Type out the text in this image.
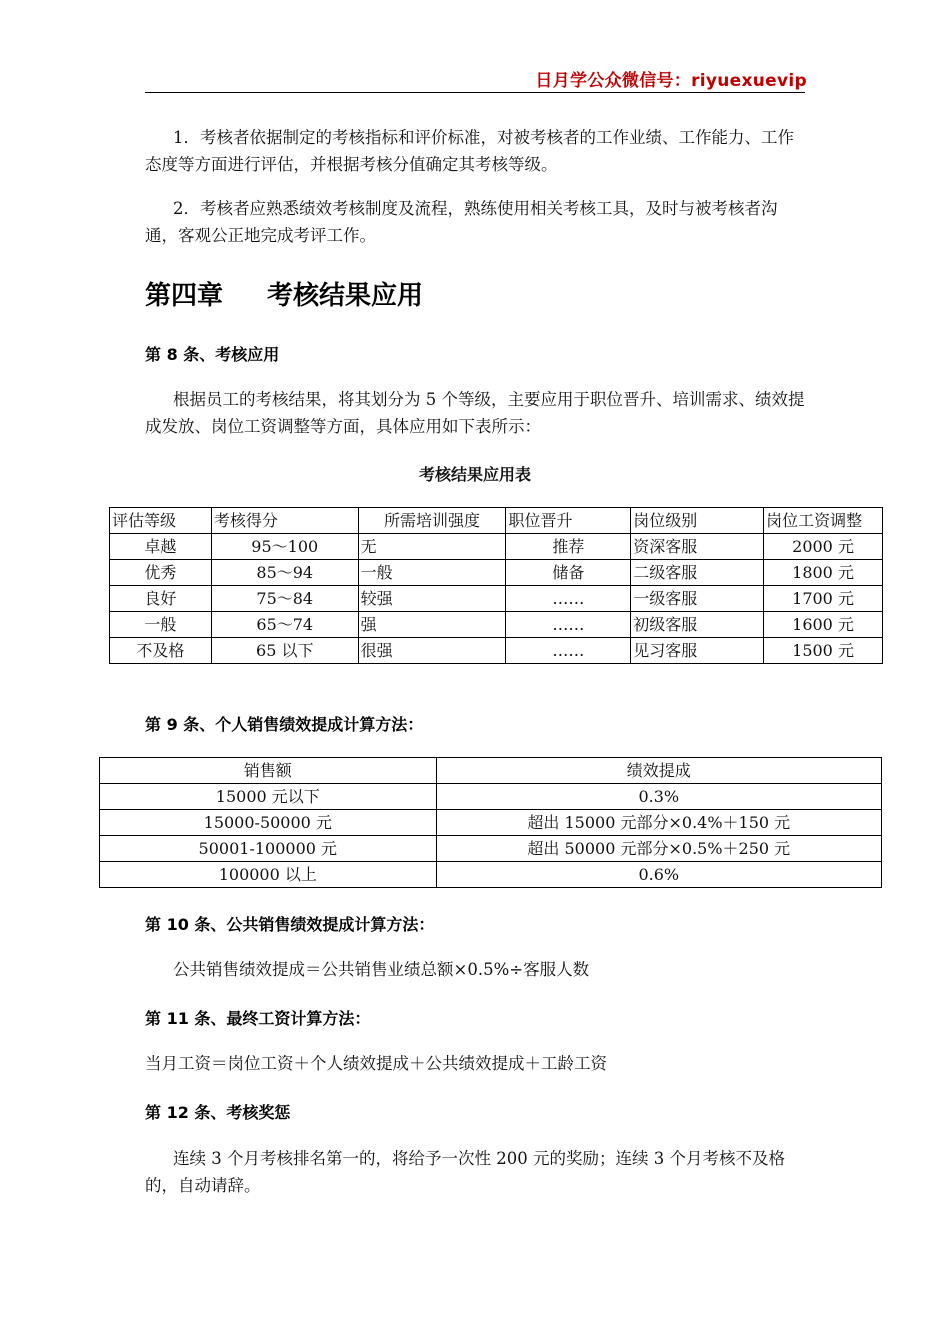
日月学公众微信号：riyuexuevip

1．考核者依据制定的考核指标和评价标准，对被考核者的工作业绩、工作能力、工作态度等方面进行评估，并根据考核分值确定其考核等级。

2．考核者应熟悉绩效考核制度及流程，熟练使用相关考核工具，及时与被考核者沟通，客观公正地完成考评工作。

第四章 考核结果应用
第 8 条、考核应用

根据员工的考核结果，将其划分为 5 个等级，主要应用于职位晋升、培训需求、绩效提成发放、岗位工资调整等方面，具体应用如下表所示：

考核结果应用表
评估等级	考核得分	所需培训强度	职位晋升	岗位级别	岗位工资调整
卓越	95～100	无	推荐	资深客服	2000 元
优秀	85～94	一般	储备	二级客服	1800 元
良好	75～84	较强	……	一级客服	1700 元
一般	65～74	强	……	初级客服	1600 元
不及格	65 以下	很强	……	见习客服	1500 元
第 9 条、个人销售绩效提成计算方法：
销售额	绩效提成
15000 元以下	0.3%
15000-50000 元	超出 15000 元部分×0.4%＋150 元
50001-100000 元	超出 50000 元部分×0.5%＋250 元
100000 以上	0.6%
第 10 条、公共销售绩效提成计算方法：

公共销售绩效提成＝公共销售业绩总额×0.5%÷客服人数

第 11 条、最终工资计算方法：

当月工资＝岗位工资＋个人绩效提成＋公共绩效提成＋工龄工资

第 12 条、考核奖惩

连续 3 个月考核排名第一的，将给予一次性 200 元的奖励；连续 3 个月考核不及格的，自动请辞。
